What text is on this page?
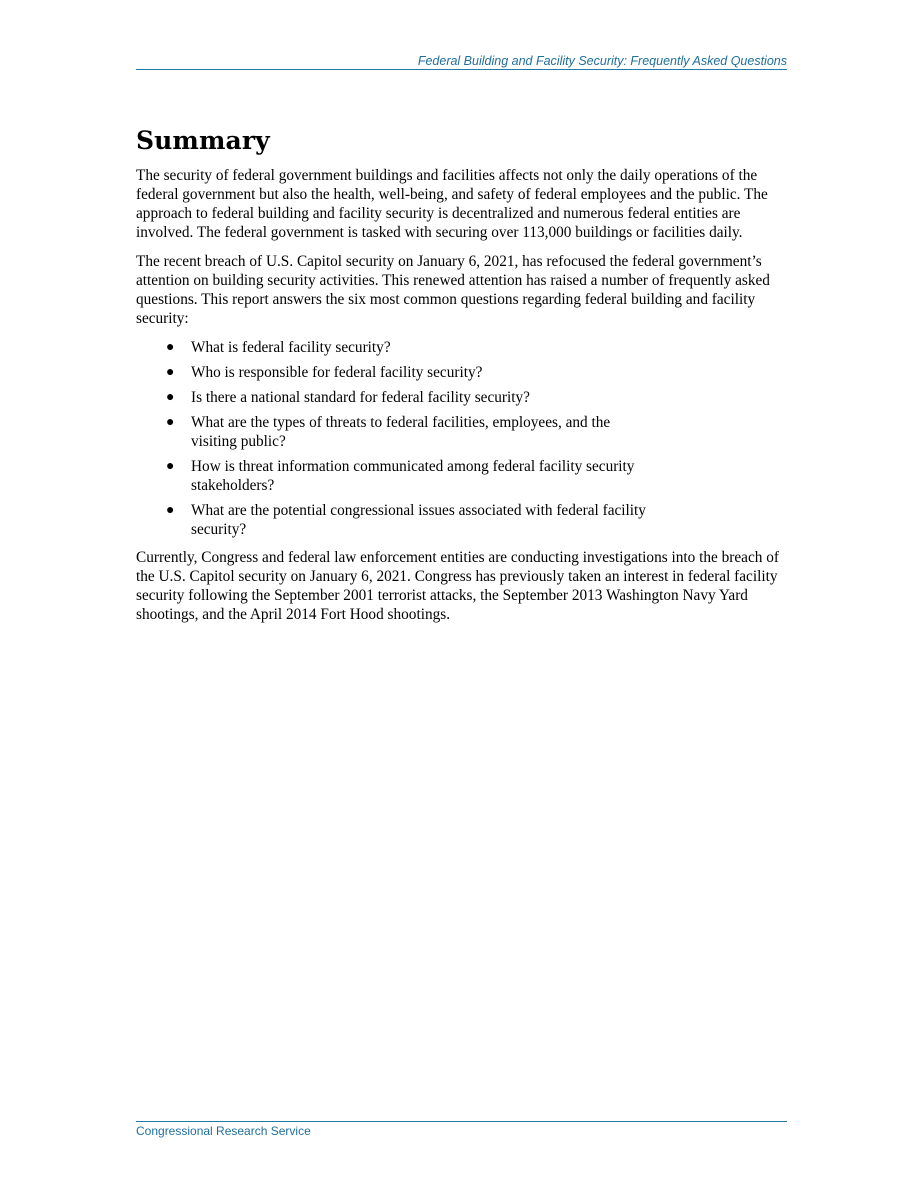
Federal Building and Facility Security: Frequently Asked Questions
Summary

The security of federal government buildings and facilities affects not only the daily operations of the federal government but also the health, well-being, and safety of federal employees and the public. The approach to federal building and facility security is decentralized and numerous federal entities are involved. The federal government is tasked with securing over 113,000 buildings or facilities daily.

The recent breach of U.S. Capitol security on January 6, 2021, has refocused the federal government’s attention on building security activities. This renewed attention has raised a number of frequently asked questions. This report answers the six most common questions regarding federal building and facility security:

● What is federal facility security?
● Who is responsible for federal facility security?
● Is there a national standard for federal facility security?
● What are the types of threats to federal facilities, employees, and the visiting public?
● How is threat information communicated among federal facility security stakeholders?
● What are the potential congressional issues associated with federal facility security?

Currently, Congress and federal law enforcement entities are conducting investigations into the breach of the U.S. Capitol security on January 6, 2021. Congress has previously taken an interest in federal facility security following the September 2001 terrorist attacks, the September 2013 Washington Navy Yard shootings, and the April 2014 Fort Hood shootings.

Congressional Research Service
